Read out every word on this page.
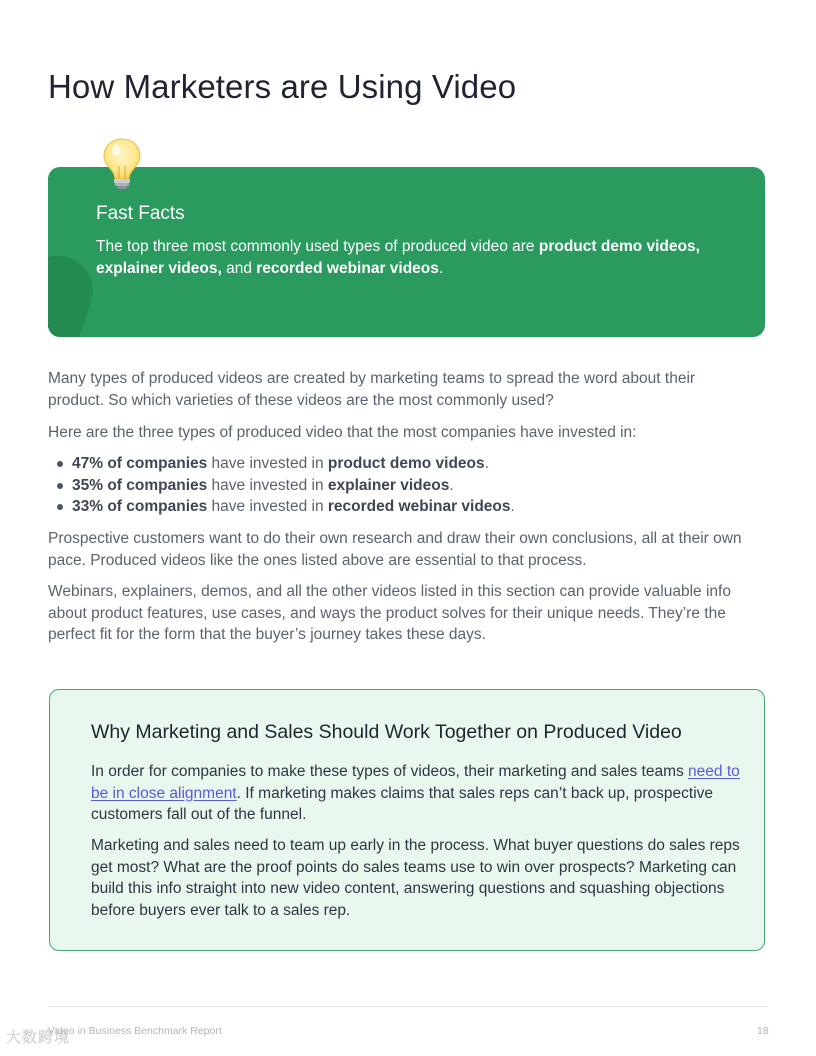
How Marketers are Using Video
Fast Facts
The top three most commonly used types of produced video are product demo videos, explainer videos, and recorded webinar videos.

Many types of produced videos are created by marketing teams to spread the word about their product. So which varieties of these videos are the most commonly used?

Here are the three types of produced video that the most companies have invested in:

47% of companies have invested in product demo videos.
35% of companies have invested in explainer videos.
33% of companies have invested in recorded webinar videos.

Prospective customers want to do their own research and draw their own conclusions, all at their own pace. Produced videos like the ones listed above are essential to that process.

Webinars, explainers, demos, and all the other videos listed in this section can provide valuable info about product features, use cases, and ways the product solves for their unique needs. They’re the perfect fit for the form that the buyer’s journey takes these days.

Why Marketing and Sales Should Work Together on Produced Video

In order for companies to make these types of videos, their marketing and sales teams need to be in close alignment. If marketing makes claims that sales reps can’t back up, prospective customers fall out of the funnel.

Marketing and sales need to team up early in the process. What buyer questions do sales reps get most? What are the proof points do sales teams use to win over prospects? Marketing can build this info straight into new video content, answering questions and squashing objections before buyers ever talk to a sales rep.

Video in Business Benchmark Report	18
大数跨境
